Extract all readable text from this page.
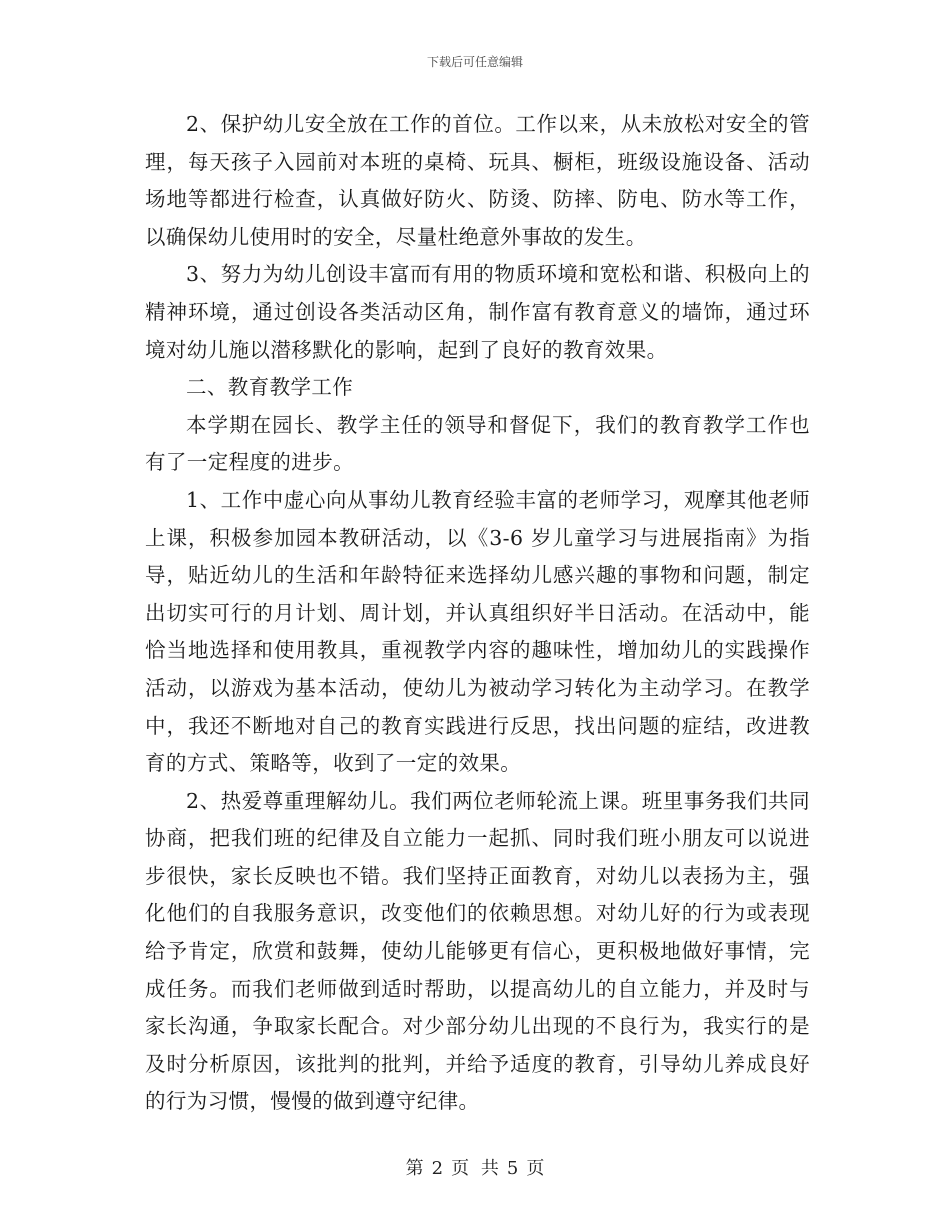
下载后可任意编辑

2、保护幼儿安全放在工作的首位。工作以来，从未放松对安全的管理，每天孩子入园前对本班的桌椅、玩具、橱柜，班级设施设备、活动场地等都进行检查，认真做好防火、防烫、防摔、防电、防水等工作，以确保幼儿使用时的安全，尽量杜绝意外事故的发生。

3、努力为幼儿创设丰富而有用的物质环境和宽松和谐、积极向上的精神环境，通过创设各类活动区角，制作富有教育意义的墙饰，通过环境对幼儿施以潜移默化的影响，起到了良好的教育效果。

二、教育教学工作

本学期在园长、教学主任的领导和督促下，我们的教育教学工作也有了一定程度的进步。

1、工作中虚心向从事幼儿教育经验丰富的老师学习，观摩其他老师上课，积极参加园本教研活动，以《3-6 岁儿童学习与进展指南》为指导，贴近幼儿的生活和年龄特征来选择幼儿感兴趣的事物和问题，制定出切实可行的月计划、周计划，并认真组织好半日活动。在活动中，能恰当地选择和使用教具，重视教学内容的趣味性，增加幼儿的实践操作活动，以游戏为基本活动，使幼儿为被动学习转化为主动学习。在教学中，我还不断地对自己的教育实践进行反思，找出问题的症结，改进教育的方式、策略等，收到了一定的效果。

2、热爱尊重理解幼儿。我们两位老师轮流上课。班里事务我们共同协商，把我们班的纪律及自立能力一起抓、同时我们班小朋友可以说进步很快，家长反映也不错。我们坚持正面教育，对幼儿以表扬为主，强化他们的自我服务意识，改变他们的依赖思想。对幼儿好的行为或表现给予肯定，欣赏和鼓舞，使幼儿能够更有信心，更积极地做好事情，完成任务。而我们老师做到适时帮助，以提高幼儿的自立能力，并及时与家长沟通，争取家长配合。对少部分幼儿出现的不良行为，我实行的是及时分析原因，该批判的批判，并给予适度的教育，引导幼儿养成良好的行为习惯，慢慢的做到遵守纪律。

第 2 页 共 5 页
